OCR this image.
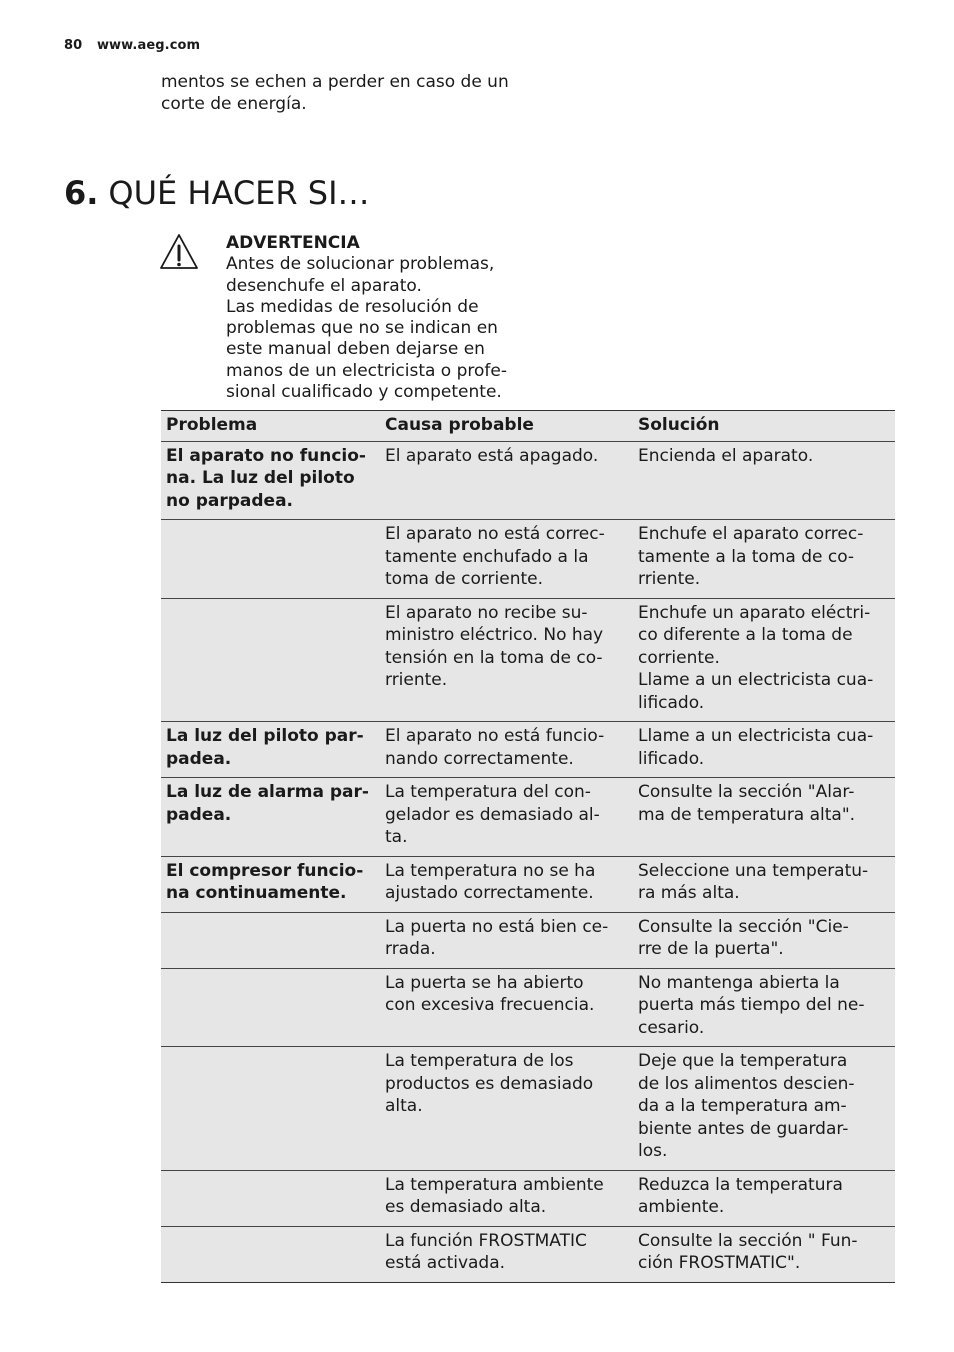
80 www.aeg.com
mentos se echen a perder en caso de un
corte de energía.
6. QUÉ HACER SI…
ADVERTENCIA
Antes de solucionar problemas,
desenchufe el aparato.
Las medidas de resolución de
problemas que no se indican en
este manual deben dejarse en
manos de un electricista o profe-
sional cualificado y competente.
Problema	Causa probable	Solución
El aparato no funcio-
na. La luz del piloto
no parpadea.	El aparato está apagado.	Encienda el aparato.
	El aparato no está correc-
tamente enchufado a la
toma de corriente.	Enchufe el aparato correc-
tamente a la toma de co-
rriente.
	El aparato no recibe su-
ministro eléctrico. No hay
tensión en la toma de co-
rriente.	Enchufe un aparato eléctri-
co diferente a la toma de
corriente.
Llame a un electricista cua-
lificado.
La luz del piloto par-
padea.	El aparato no está funcio-
nando correctamente.	Llame a un electricista cua-
lificado.
La luz de alarma par-
padea.	La temperatura del con-
gelador es demasiado al-
ta.	Consulte la sección "Alar-
ma de temperatura alta".
El compresor funcio-
na continuamente.	La temperatura no se ha
ajustado correctamente.	Seleccione una temperatu-
ra más alta.
	La puerta no está bien ce-
rrada.	Consulte la sección "Cie-
rre de la puerta".
	La puerta se ha abierto
con excesiva frecuencia.	No mantenga abierta la
puerta más tiempo del ne-
cesario.
	La temperatura de los
productos es demasiado
alta.	Deje que la temperatura
de los alimentos descien-
da a la temperatura am-
biente antes de guardar-
los.
	La temperatura ambiente
es demasiado alta.	Reduzca la temperatura
ambiente.
	La función FROSTMATIC
está activada.	Consulte la sección " Fun-
ción FROSTMATIC".
